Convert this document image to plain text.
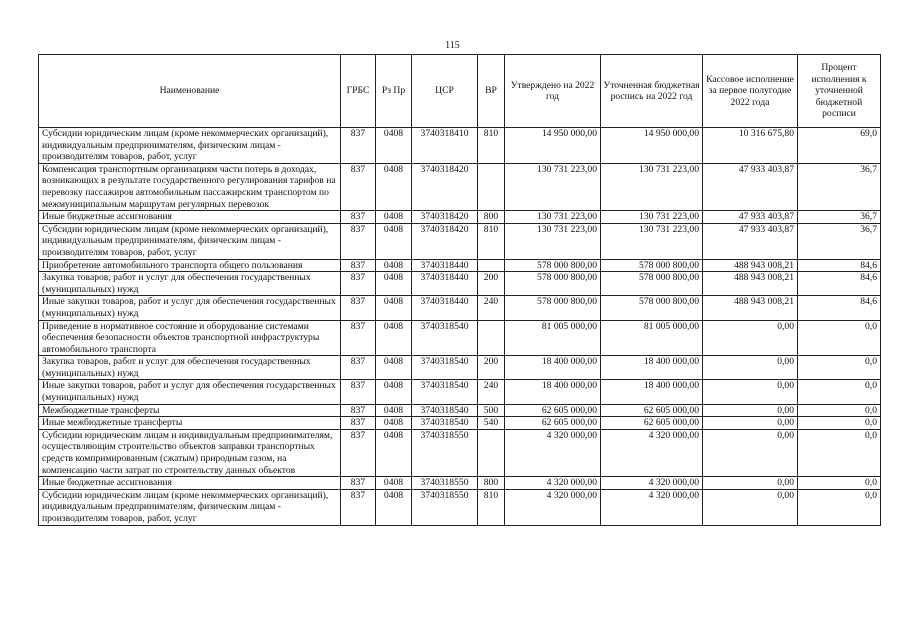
115
Наименование	ГРБС	Рз Пр	ЦСР	ВР	Утверждено на 2022 год	Уточненная бюджетная роспись на 2022 год	Кассовое исполнение за первое полугодие 2022 года	Процент исполнения к уточненной бюджетной росписи
Субсидии юридическим лицам (кроме некоммерческих организаций), индивидуальным предпринимателям, физическим лицам - производителям товаров, работ, услуг	837	0408	3740318410	810	14 950 000,00	14 950 000,00	10 316 675,80	69,0
Компенсация транспортным организациям части потерь в доходах, возникающих в результате государственного регулирования тарифов на перевозку пассажиров автомобильным пассажирским транспортом по межмуниципальным маршрутам регулярных перевозок	837	0408	3740318420		130 731 223,00	130 731 223,00	47 933 403,87	36,7
Иные бюджетные ассигнования	837	0408	3740318420	800	130 731 223,00	130 731 223,00	47 933 403,87	36,7
Субсидии юридическим лицам (кроме некоммерческих организаций), индивидуальным предпринимателям, физическим лицам - производителям товаров, работ, услуг	837	0408	3740318420	810	130 731 223,00	130 731 223,00	47 933 403,87	36,7
Приобретение автомобильного транспорта общего пользования	837	0408	3740318440		578 000 800,00	578 000 800,00	488 943 008,21	84,6
Закупка товаров, работ и услуг для обеспечения государственных (муниципальных) нужд	837	0408	3740318440	200	578 000 800,00	578 000 800,00	488 943 008,21	84,6
Иные закупки товаров, работ и услуг для обеспечения государственных (муниципальных) нужд	837	0408	3740318440	240	578 000 800,00	578 000 800,00	488 943 008,21	84,6
Приведение в нормативное состояние и оборудование системами обеспечения безопасности объектов транспортной инфраструктуры автомобильного транспорта	837	0408	3740318540		81 005 000,00	81 005 000,00	0,00	0,0
Закупка товаров, работ и услуг для обеспечения государственных (муниципальных) нужд	837	0408	3740318540	200	18 400 000,00	18 400 000,00	0,00	0,0
Иные закупки товаров, работ и услуг для обеспечения государственных (муниципальных) нужд	837	0408	3740318540	240	18 400 000,00	18 400 000,00	0,00	0,0
Межбюджетные трансферты	837	0408	3740318540	500	62 605 000,00	62 605 000,00	0,00	0,0
Иные межбюджетные трансферты	837	0408	3740318540	540	62 605 000,00	62 605 000,00	0,00	0,0
Субсидии юридическим лицам и индивидуальным предпринимателям, осуществляющим строительство объектов заправки транспортных средств компримированным (сжатым) природным газом, на компенсацию части затрат по строительству данных объектов	837	0408	3740318550		4 320 000,00	4 320 000,00	0,00	0,0
Иные бюджетные ассигнования	837	0408	3740318550	800	4 320 000,00	4 320 000,00	0,00	0,0
Субсидии юридическим лицам (кроме некоммерческих организаций), индивидуальным предпринимателям, физическим лицам - производителям товаров, работ, услуг	837	0408	3740318550	810	4 320 000,00	4 320 000,00	0,00	0,0
